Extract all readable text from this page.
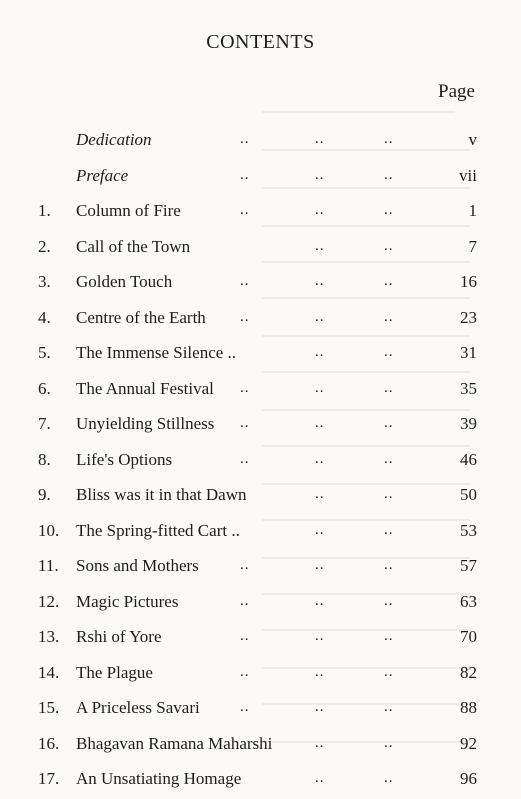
CONTENTS
Page
Dedication	..	..	..	v
Preface	..	..	..	vii
1. Column of Fire	..	..	..	1
2. Call of the Town	..	..	7
3. Golden Touch	..	..	..	16
4. Centre of the Earth ..	..	..	23
5. The Immense Silence ..	..	..	31
6. The Annual Festival ..	..	..	35
7. Unyielding Stillness ..	..	..	39
8. Life's Options	..	..	..	46
9. Bliss was it in that Dawn	..	..	50
10. The Spring-fitted Cart ..	..	..	53
11. Sons and Mothers	..	..	..	57
12. Magic Pictures	..	..	..	63
13. Rshi of Yore	..	..	..	70
14. The Plague	..	..	..	82
15. A Priceless Savari	..	..	..	88
16. Bhagavan Ramana Maharshi	..	..	92
17. An Unsatiating Homage	..	..	96
